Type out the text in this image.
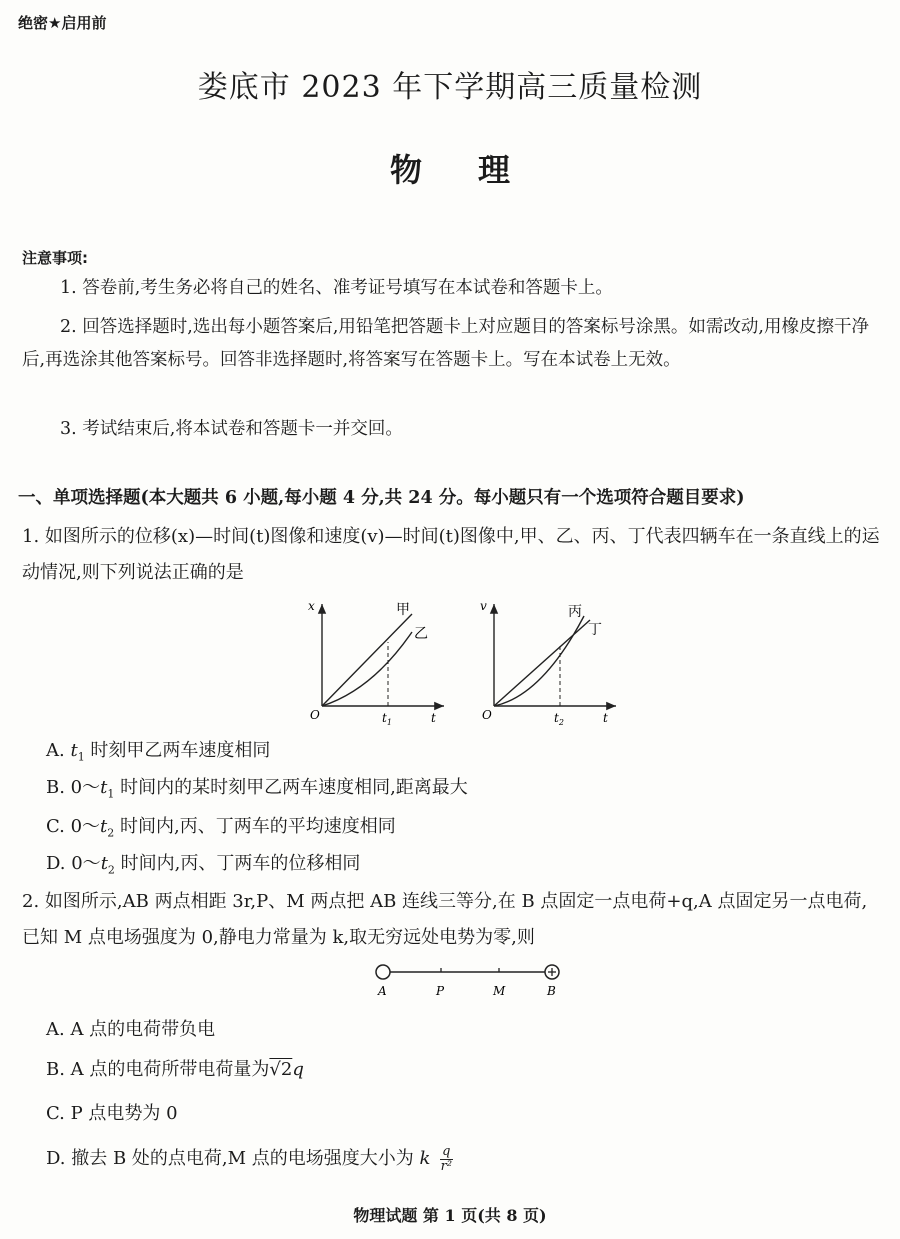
绝密★启用前
娄底市 2023 年下学期高三质量检测
物 理
注意事项:
1. 答卷前,考生务必将自己的姓名、准考证号填写在本试卷和答题卡上。
2. 回答选择题时,选出每小题答案后,用铅笔把答题卡上对应题目的答案标号涂黑。如需改动,用橡皮擦干净后,再选涂其他答案标号。回答非选择题时,将答案写在答题卡上。写在本试卷上无效。
3. 考试结束后,将本试卷和答题卡一并交回。
一、单项选择题(本大题共 6 小题,每小题 4 分,共 24 分。每小题只有一个选项符合题目要求)
1. 如图所示的位移(x)—时间(t)图像和速度(v)—时间(t)图像中,甲、乙、丙、丁代表四辆车在一条直线上的运动情况,则下列说法正确的是
x
t
O	$t_1$
甲
乙
v
t
O	$t_2$
丙
丁
A. $t_1$ 时刻甲乙两车速度相同
B. $0\sim t_1$ 时间内的某时刻甲乙两车速度相同,距离最大
C. $0\sim t_2$ 时间内,丙、丁两车的平均速度相同
D. $0\sim t_2$ 时间内,丙、丁两车的位移相同
2. 如图所示,AB 两点相距 3r,P、M 两点把 AB 连线三等分,在 B 点固定一点电荷+q,A 点固定另一点电荷,已知 M 点电场强度为 0,静电力常量为 k,取无穷远处电势为零,则
A	P	M	B
A. A 点的电荷带负电
B. A 点的电荷所带电荷量为√2q
C. P 点电势为 0
D. 撤去 B 处的点电荷,M 点的电场强度大小为 k $\frac{q}{\text{r²}}$
物理试题 第 1 页(共 8 页)
